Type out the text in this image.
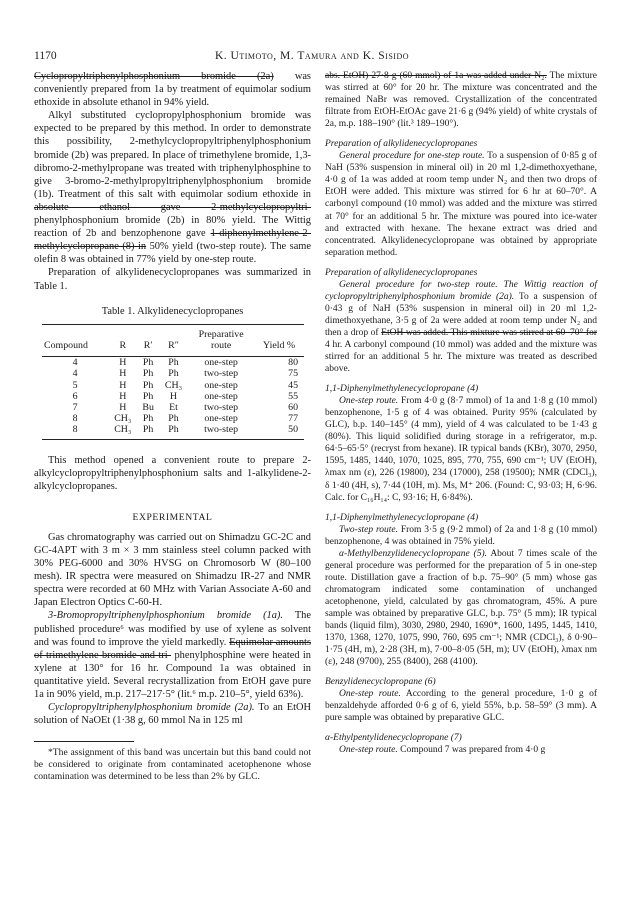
1170	K. Utimoto, M. Tamura and K. Sisido

Cyclopropyltriphenylphosphonium bromide (2a) was conveniently prepared from 1a by treatment of equimolar sodium ethoxide in absolute ethanol in 94% yield.

Alkyl substituted cyclopropylphosphonium bromide was expected to be prepared by this method. In order to demonstrate this possibility, 2-methylcyclopropyltriphenylphosphonium bromide (2b) was prepared. In place of trimethylene bromide, 1,3-dibromo-2-methylpropane was treated with triphenylphosphine to give 3-bromo-2-methylpropyltriphenylphosphonium bromide (1b). Treatment of this salt with equimolar sodium ethoxide in absolute ethanol gave 2-methylcyclopropyltri- phenylphosphonium bromide (2b) in 80% yield. The Wittig reaction of 2b and benzophenone gave 1-diphenylmethylene-2-methylcyclopropane (8) in 50% yield (two-step route). The same olefin 8 was obtained in 77% yield by one-step route.

Preparation of alkylidenecyclopropanes was summarized in Table 1.

Table 1. Alkylidenecyclopropanes
Compound	R	R′	R″	Preparative route	Yield %

4	H	Ph	Ph	one-step	80
4	H	Ph	Ph	two-step	75
5	H	Ph	CH₃	one-step	45
6	H	Ph	H	one-step	55
7	H	Bu	Et	two-step	60
8	CH₃	Ph	Ph	one-step	77
8	CH₃	Ph	Ph	two-step	50

This method opened a convenient route to prepare 2-alkylcyclopropyltriphenylphosphonium salts and 1-alkylidene-2-alkylcyclopropanes.

EXPERIMENTAL

Gas chromatography was carried out on Shimadzu GC-2C and GC-4APT with 3 m × 3 mm stainless steel column packed with 30% PEG-6000 and 30% HVSG on Chromosorb W (80–100 mesh). IR spectra were measured on Shimadzu IR-27 and NMR spectra were recorded at 60 MHz with Varian Associate A-60 and Japan Electron Optics C-60-H.

3-Bromopropyltriphenylphosphonium bromide (1a). The published procedure⁶ was modified by use of xylene as solvent and was found to improve the yield markedly. Equimolar amounts of trimethylene bromide and tri- phenylphosphine were heated in xylene at 130° for 16 hr. Compound 1a was obtained in quantitative yield. Several recrystallization from EtOH gave pure 1a in 90% yield, m.p. 217–217·5° (lit.⁶ m.p. 210–5°, yield 63%).

Cyclopropyltriphenylphosphonium bromide (2a). To an EtOH solution of NaOEt (1·38 g, 60 mmol Na in 125 ml

*The assignment of this band was uncertain but this band could not be considered to originate from contaminated acetophenone whose contamination was determined to be less than 2% by GLC.

abs. EtOH) 27·8 g (60 mmol) of 1a was added under N₂. The mixture was stirred at 60° for 20 hr. The mixture was concentrated and the remained NaBr was removed. Crystallization of the concentrated filtrate from EtOH-EtOAc gave 21·6 g (94% yield) of white crystals of 2a, m.p. 188–190° (lit.³ 189–190°).

Preparation of alkylidenecyclopropanes

General procedure for one-step route. To a suspension of 0·85 g of NaH (53% suspension in mineral oil) in 20 ml 1,2-dimethoxyethane, 4·0 g of 1a was added at room temp under N₂ and then two drops of EtOH were added. This mixture was stirred for 6 hr at 60–70°. A carbonyl compound (10 mmol) was added and the mixture was stirred at 70° for an additional 5 hr. The mixture was poured into ice-water and extracted with hexane. The hexane extract was dried and concentrated. Alkylidenecyclopropane was obtained by appropriate separation method.

Preparation of alkylidenecyclopropanes

General procedure for two-step route. The Wittig reaction of cyclopropyltriphenylphosphonium bromide (2a). To a suspension of 0·43 g of NaH (53% suspension in mineral oil) in 20 ml 1,2-dimethoxyethane, 3·5 g of 2a were added at room temp under N₂ and then a drop of EtOH was added. This mixture was stirred at 60–70° for 4 hr. A carbonyl compound (10 mmol) was added and the mixture was stirred for an additional 5 hr. The mixture was treated as described above.

1,1-Diphenylmethylenecyclopropane (4)

One-step route. From 4·0 g (8·7 mmol) of 1a and 1·8 g (10 mmol) benzophenone, 1·5 g of 4 was obtained. Purity 95% (calculated by GLC), b.p. 140–145° (4 mm), yield of 4 was calculated to be 1·43 g (80%). This liquid solidified during storage in a refrigerator, m.p. 64·5–65·5° (recryst from hexane). IR typical bands (KBr), 3070, 2950, 1595, 1485, 1440, 1070, 1025, 895, 770, 755, 690 cm⁻¹; UV (EtOH), λmax nm (ε), 226 (19800), 234 (17000), 258 (19500); NMR (CDCl₃), δ 1·40 (4H, s), 7·44 (10H, m). Ms, M⁺ 206. (Found: C, 93·03; H, 6·96. Calc. for C₁₆H₁₄: C, 93·16; H, 6·84%).

1,1-Diphenylmethylenecyclopropane (4)

Two-step route. From 3·5 g (9·2 mmol) of 2a and 1·8 g (10 mmol) benzophenone, 4 was obtained in 75% yield.

α-Methylbenzylidenecyclopropane (5). About 7 times scale of the general procedure was performed for the preparation of 5 in one-step route. Distillation gave a fraction of b.p. 75–90° (5 mm) whose gas chromatogram indicated some contamination of unchanged acetophenone, yield, calculated by gas chromatogram, 45%. A pure sample was obtained by preparative GLC, b.p. 75° (5 mm); IR typical bands (liquid film), 3030, 2980, 2940, 1690*, 1600, 1495, 1445, 1410, 1370, 1368, 1270, 1075, 990, 760, 695 cm⁻¹; NMR (CDCl₃), δ 0·90–1·75 (4H, m), 2·28 (3H, m), 7·00–8·05 (5H, m); UV (EtOH), λmax nm (ε), 248 (9700), 255 (8400), 268 (4100).

Benzylidenecyclopropane (6)

One-step route. According to the general procedure, 1·0 g of benzaldehyde afforded 0·6 g of 6, yield 55%, b.p. 58–59° (3 mm). A pure sample was obtained by preparative GLC.

α-Ethylpentylidenecyclopropane (7)

One-step route. Compound 7 was prepared from 4·0 g
